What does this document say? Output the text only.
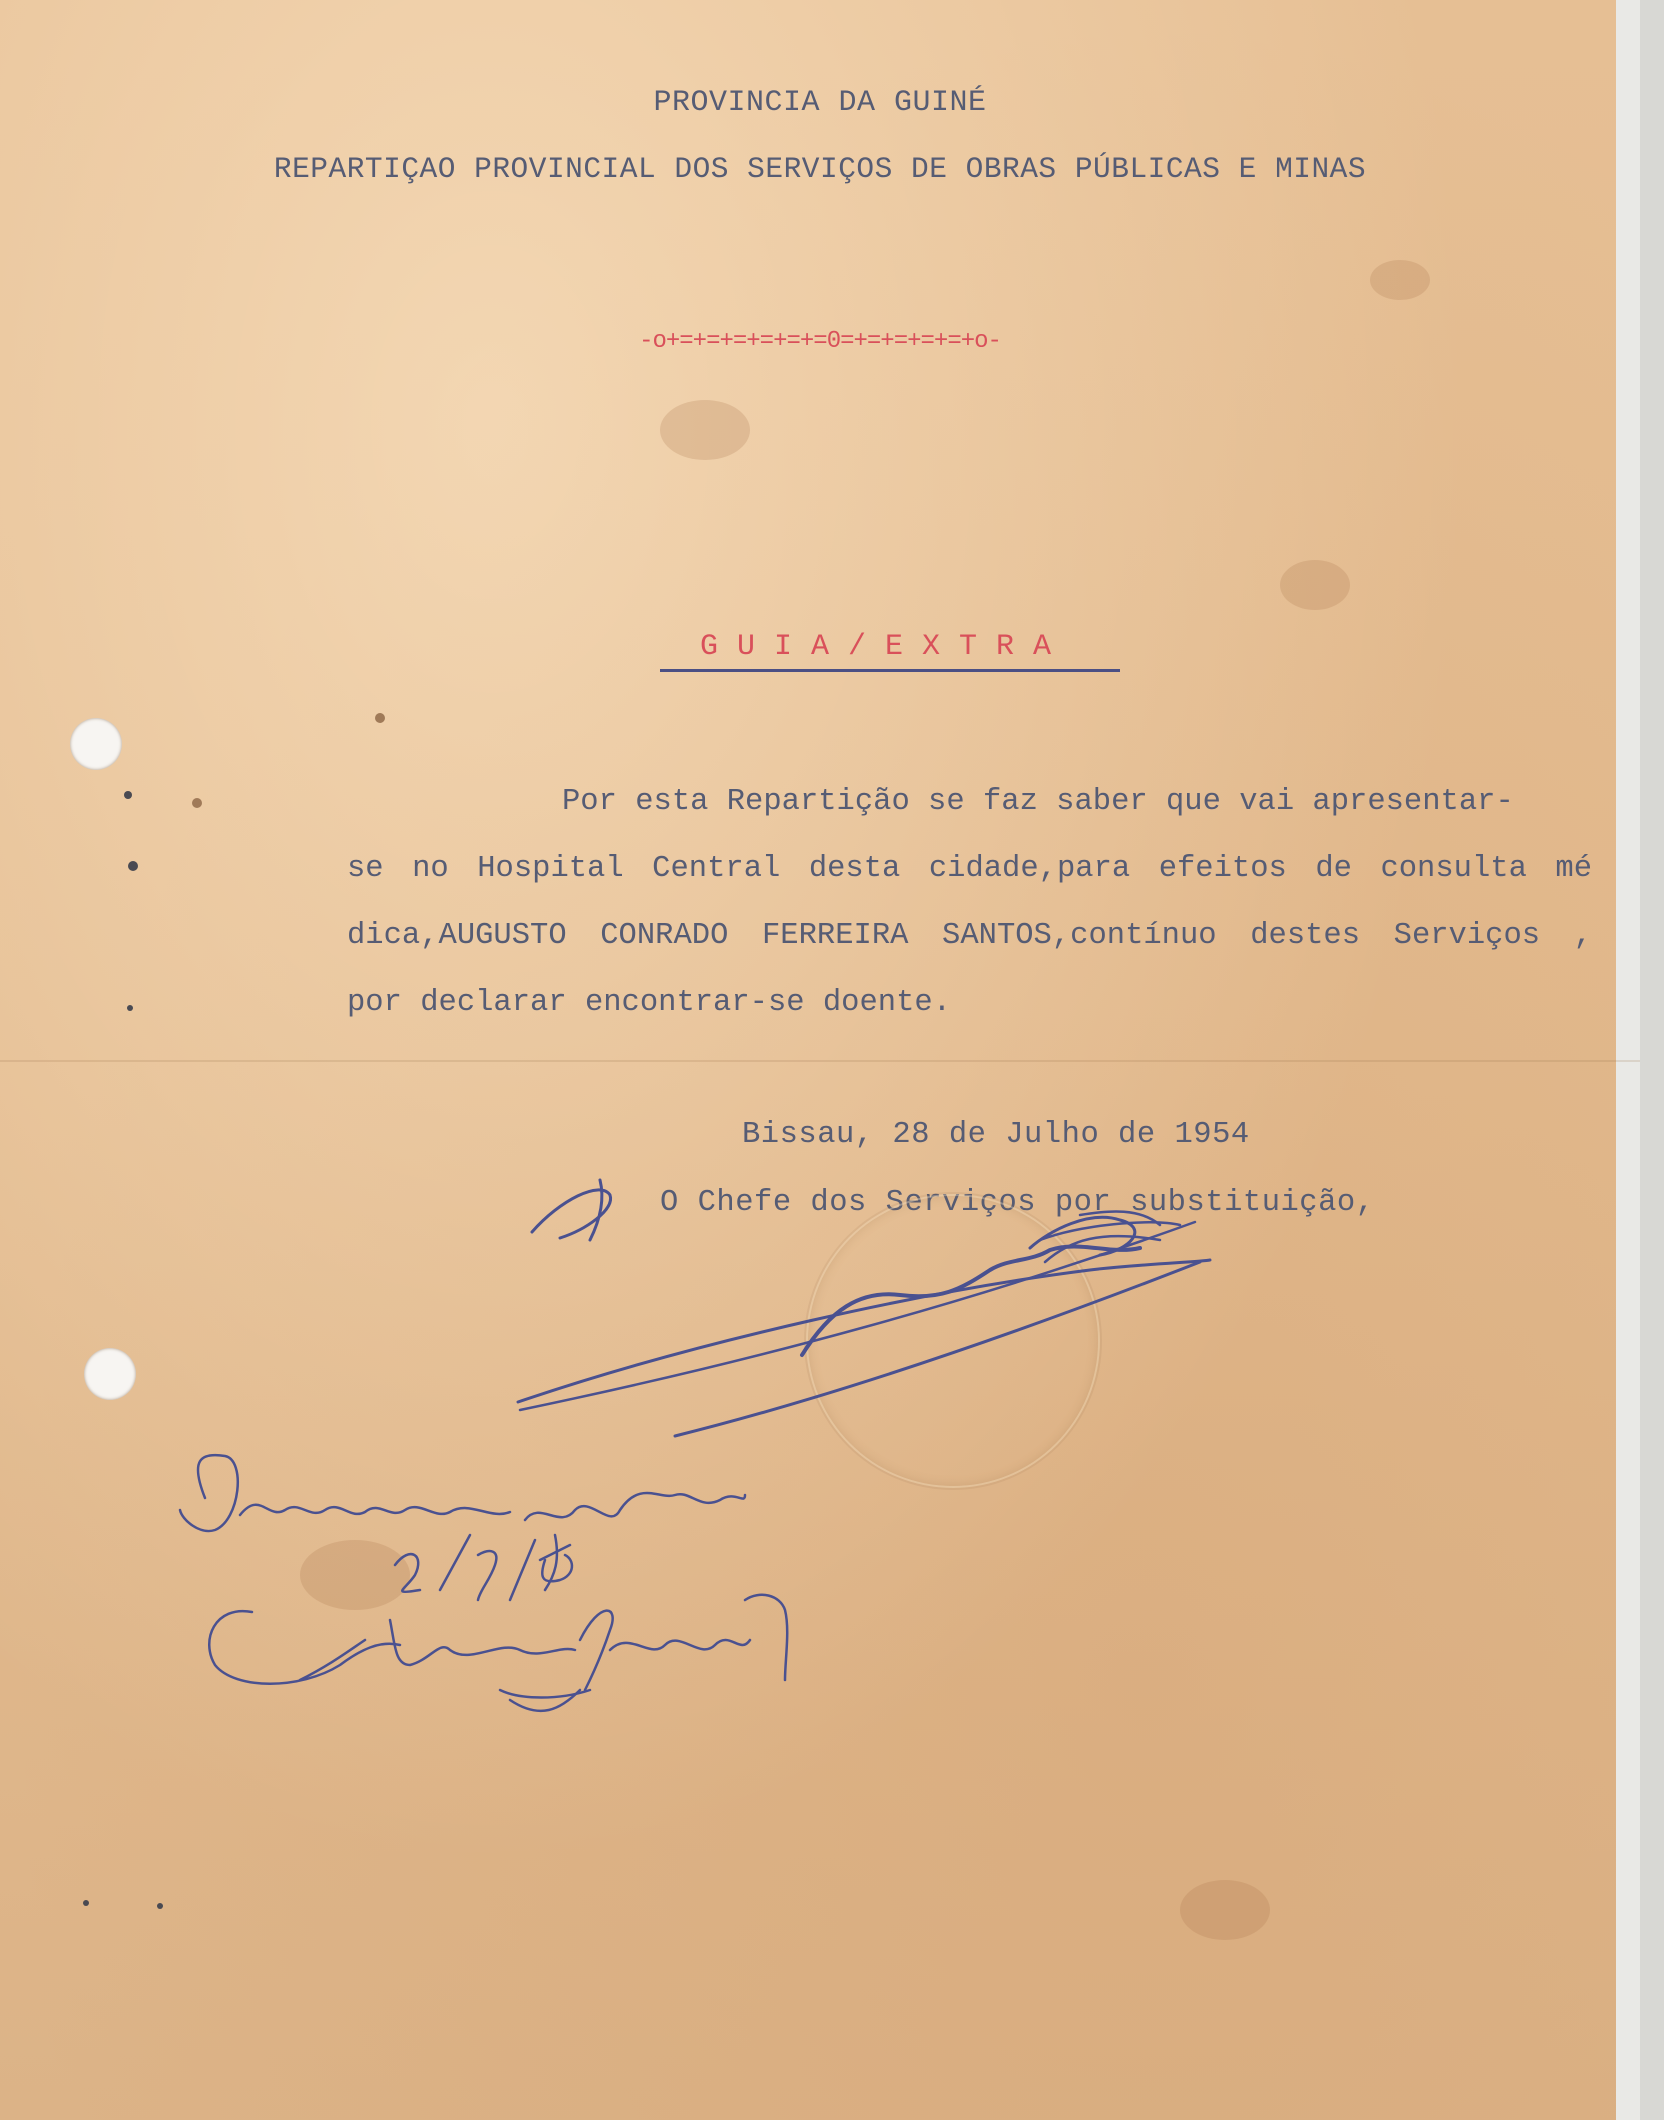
PROVINCIA DA GUINÉ
REPARTIÇAO PROVINCIAL DOS SERVIÇOS DE OBRAS PÚBLICAS E MINAS
-o+=+=+=+=+=+=0=+=+=+=+=+o-
G U I A / E X T R A
Por esta Repartição se faz saber que vai apresentar-
se no Hospital Central desta cidade,para efeitos de consulta mé
dica,AUGUSTO CONRADO FERREIRA SANTOS,contínuo destes Serviços ,
por declarar encontrar-se doente.
Bissau, 28 de Julho de 1954
O Chefe dos Serviços por substituição,
